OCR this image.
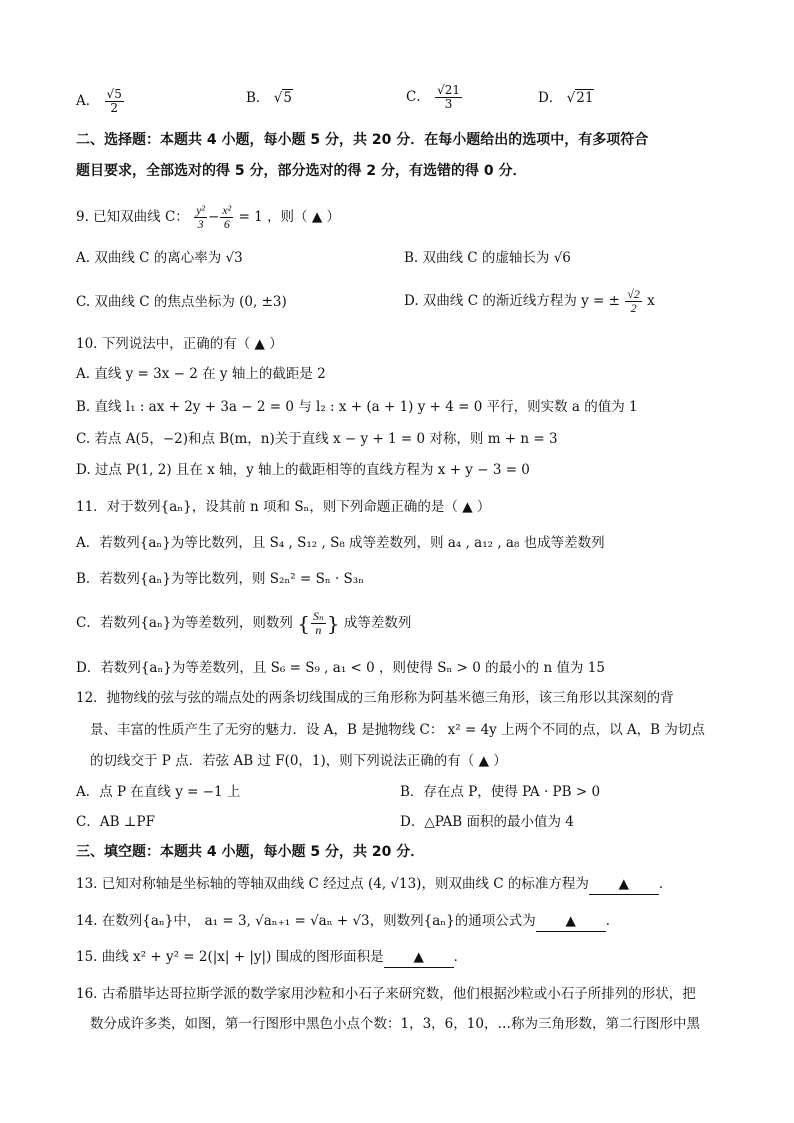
A． $\frac{√5}{2}$	B． √5	C． $\frac{√21}{3}$	D． √21
二、选择题：本题共 4 小题，每小题 5 分，共 20 分．在每小题给出的选项中，有多项符合
题目要求，全部选对的得 5 分，部分选对的得 2 分，有选错的得 0 分．
9. 已知双曲线 C： $\frac{\text{y²}}{3} - \frac{\text{x²}}{6} = 1$ ，则（ ▲ ）
A. 双曲线 C 的离心率为 √3	B. 双曲线 C 的虚轴长为 √6
C. 双曲线 C 的焦点坐标为 (0, ±3)	D. 双曲线 C 的渐近线方程为 y = ± $\frac{√2}{2}$ x
10. 下列说法中，正确的有（ ▲ ）
A. 直线 y = 3x − 2 在 y 轴上的截距是 2
B. 直线 l₁ : ax + 2y + 3a − 2 = 0 与 l₂ : x + (a + 1) y + 4 = 0 平行，则实数 a 的值为 1
C. 若点 A(5，−2)和点 B(m，n)关于直线 x − y + 1 = 0 对称，则 m + n = 3
D. 过点 P(1, 2) 且在 x 轴，y 轴上的截距相等的直线方程为 x + y − 3 = 0
11．对于数列{aₙ}，设其前 n 项和 Sₙ，则下列命题正确的是（ ▲ ）
A．若数列{aₙ}为等比数列，且 S₄ , S₁₂ , S₈ 成等差数列，则 a₄ , a₁₂ , a₈ 也成等差数列
B．若数列{aₙ}为等比数列，则 S₂ₙ² = Sₙ · S₃ₙ
C．若数列{aₙ}为等差数列，则数列 { $\frac{\text{Sₙ}}{n}$ } 成等差数列
D．若数列{aₙ}为等差数列，且 S₆ = S₉ , a₁ < 0 ，则使得 Sₙ > 0 的最小的 n 值为 15
12．抛物线的弦与弦的端点处的两条切线围成的三角形称为阿基米德三角形，该三角形以其深刻的背
景、丰富的性质产生了无穷的魅力．设 A，B 是抛物线 C： x² = 4y 上两个不同的点，以 A，B 为切点
的切线交于 P 点．若弦 AB 过 F(0，1)，则下列说法正确的有（ ▲ ）
A．点 P 在直线 y = −1 上	B．存在点 P，使得 PA · PB > 0
C．AB ⊥PF	D．△PAB 面积的最小值为 4
三、填空题：本题共 4 小题，每小题 5 分，共 20 分．
13. 已知对称轴是坐标轴的等轴双曲线 C 经过点 (4, √13)，则双曲线 C 的标准方程为 ▲ ．
14. 在数列{aₙ}中， a₁ = 3, √aₙ₊₁ = √aₙ + √3，则数列{aₙ}的通项公式为 ▲ ．
15. 曲线 x² + y² = 2(|x| + |y|) 围成的图形面积是 ▲ ．
16. 古希腊毕达哥拉斯学派的数学家用沙粒和小石子来研究数，他们根据沙粒或小石子所排列的形状，把
数分成许多类，如图，第一行图形中黑色小点个数：1，3，6，10，…称为三角形数，第二行图形中黑
